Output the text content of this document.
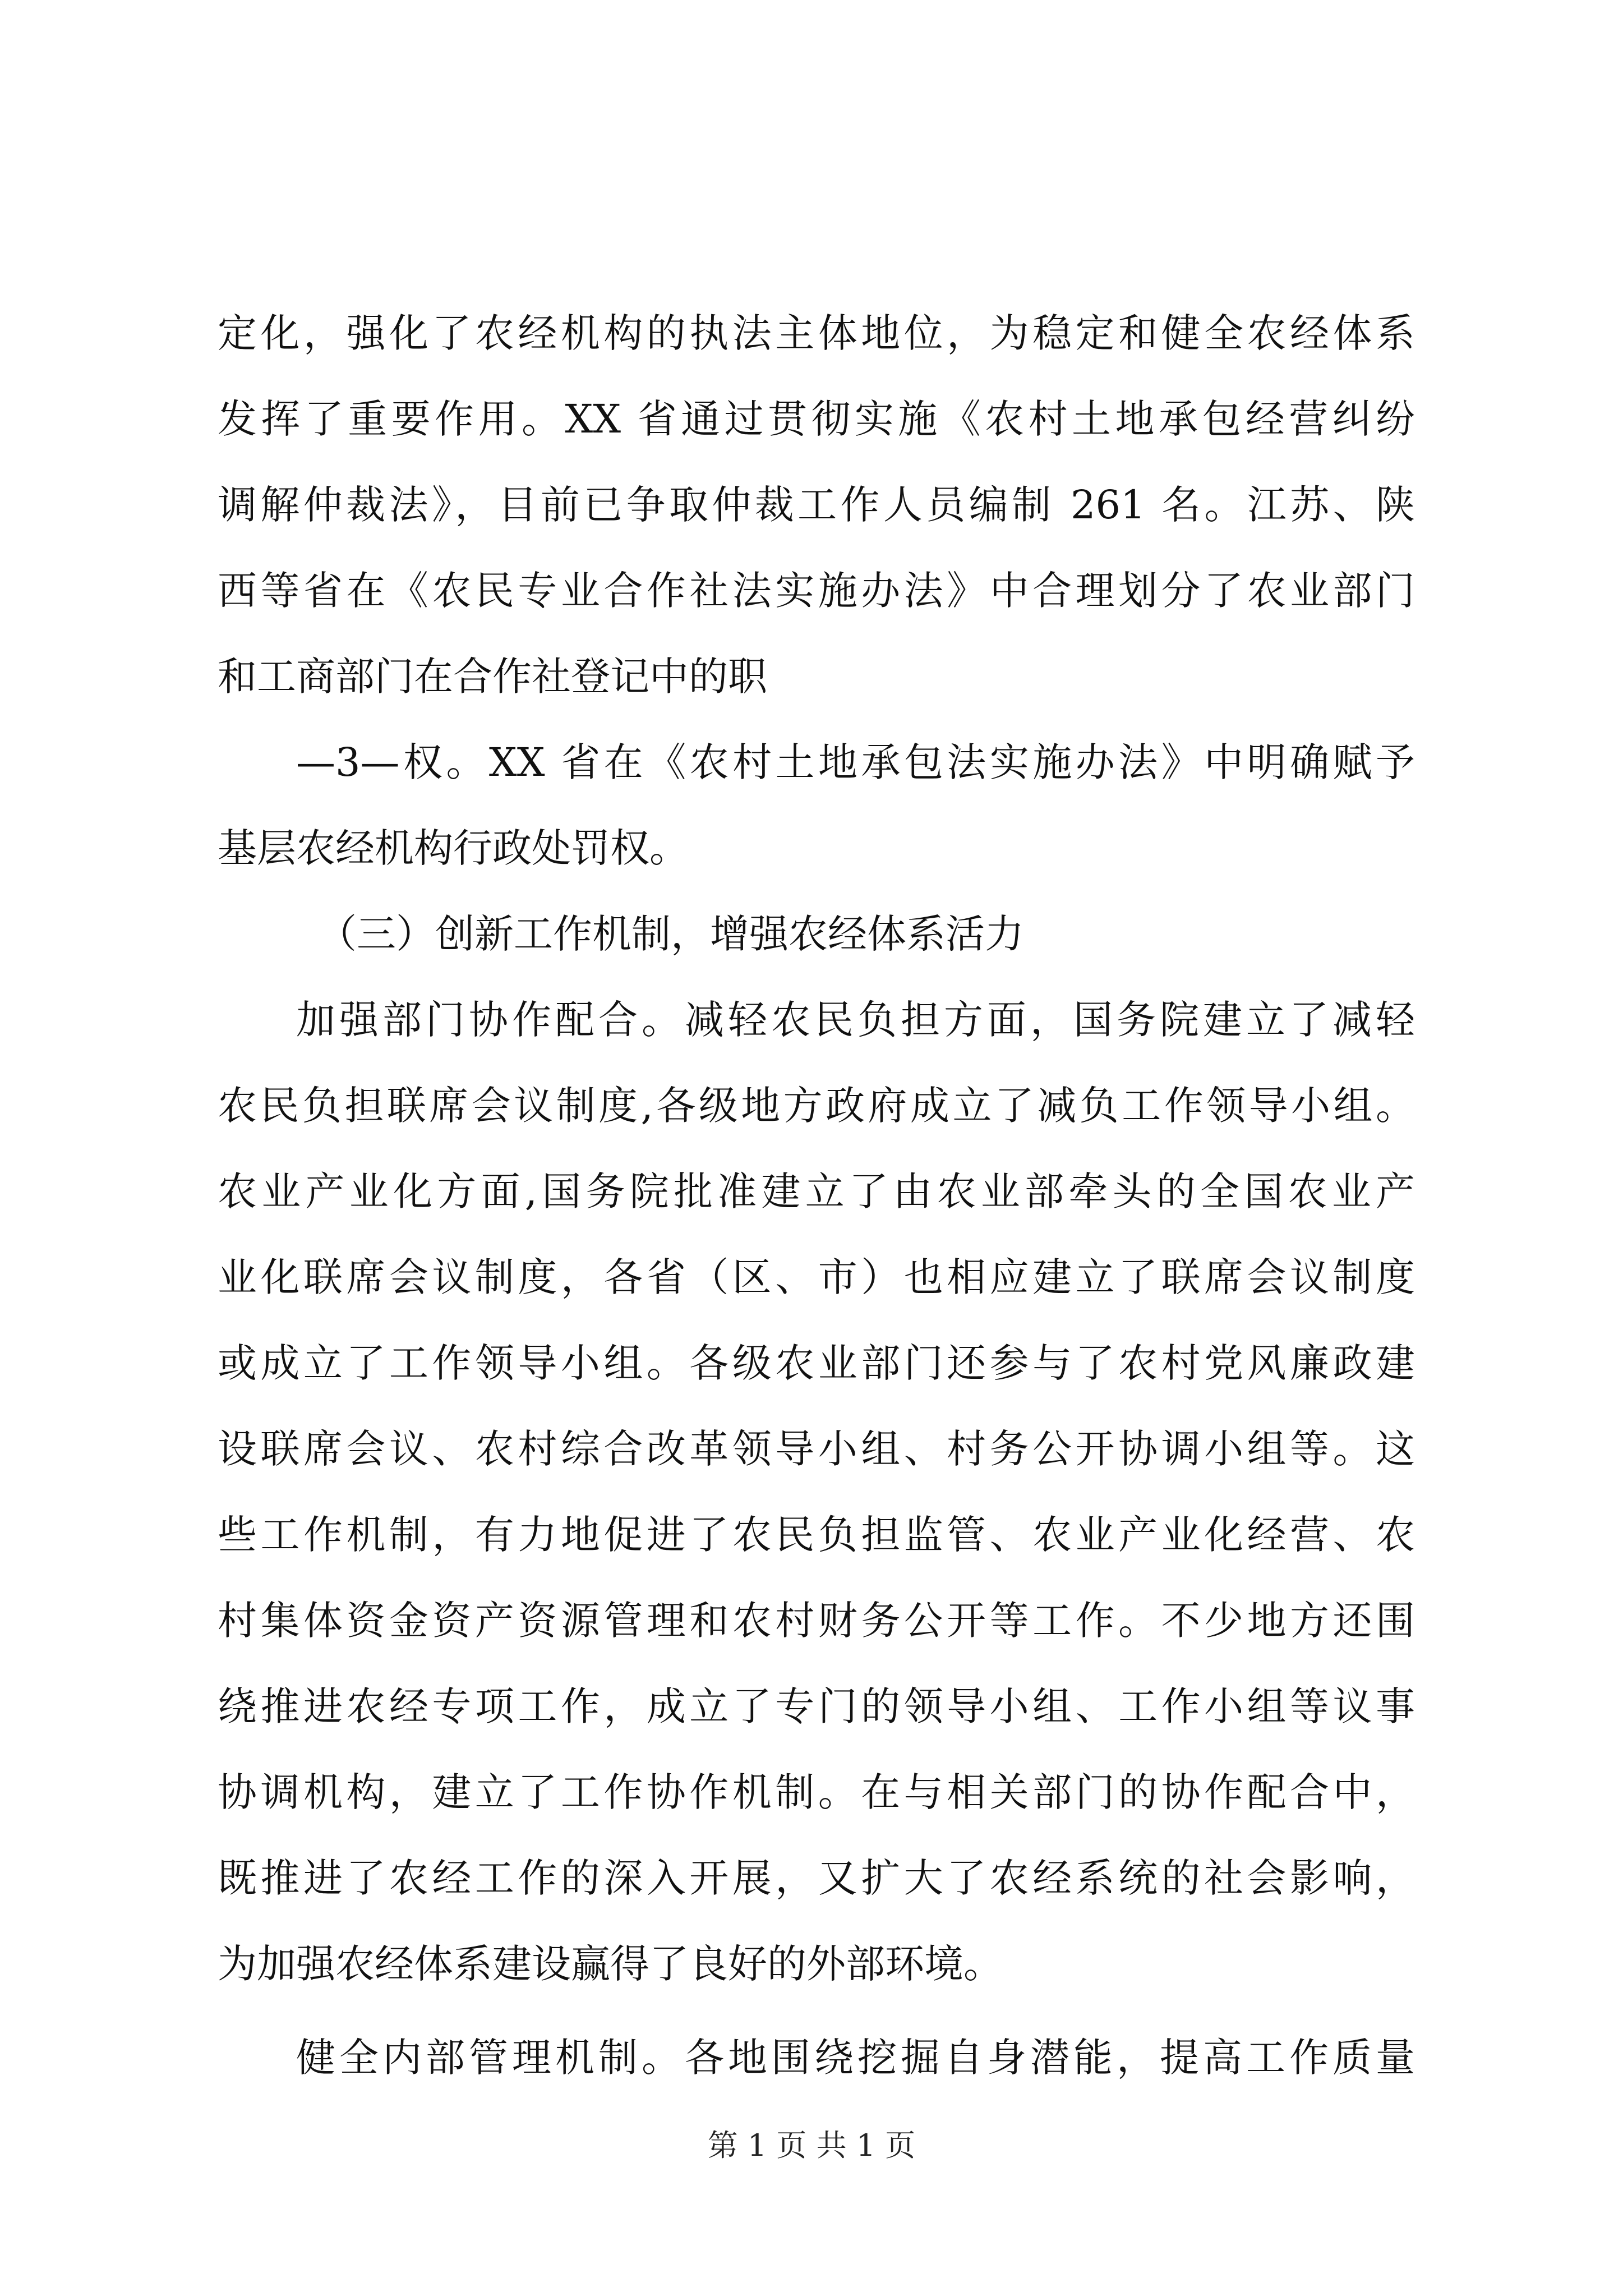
定化，强化了农经机构的执法主体地位，为稳定和健全农经体系
发挥了重要作用。XX 省通过贯彻实施《农村土地承包经营纠纷
调解仲裁法》，目前已争取仲裁工作人员编制 261 名。江苏、陕
西等省在《农民专业合作社法实施办法》中合理划分了农业部门
和工商部门在合作社登记中的职
—3—权。XX 省在《农村土地承包法实施办法》中明确赋予
基层农经机构行政处罚权。
（三）创新工作机制，增强农经体系活力
加强部门协作配合。减轻农民负担方面，国务院建立了减轻
农民负担联席会议制度,各级地方政府成立了减负工作领导小组。
农业产业化方面,国务院批准建立了由农业部牵头的全国农业产
业化联席会议制度，各省（区、市）也相应建立了联席会议制度
或成立了工作领导小组。各级农业部门还参与了农村党风廉政建
设联席会议、农村综合改革领导小组、村务公开协调小组等。这
些工作机制，有力地促进了农民负担监管、农业产业化经营、农
村集体资金资产资源管理和农村财务公开等工作。不少地方还围
绕推进农经专项工作，成立了专门的领导小组、工作小组等议事
协调机构，建立了工作协作机制。在与相关部门的协作配合中，
既推进了农经工作的深入开展，又扩大了农经系统的社会影响，
为加强农经体系建设赢得了良好的外部环境。
健全内部管理机制。各地围绕挖掘自身潜能，提高工作质量
第 1 页 共 1 页
